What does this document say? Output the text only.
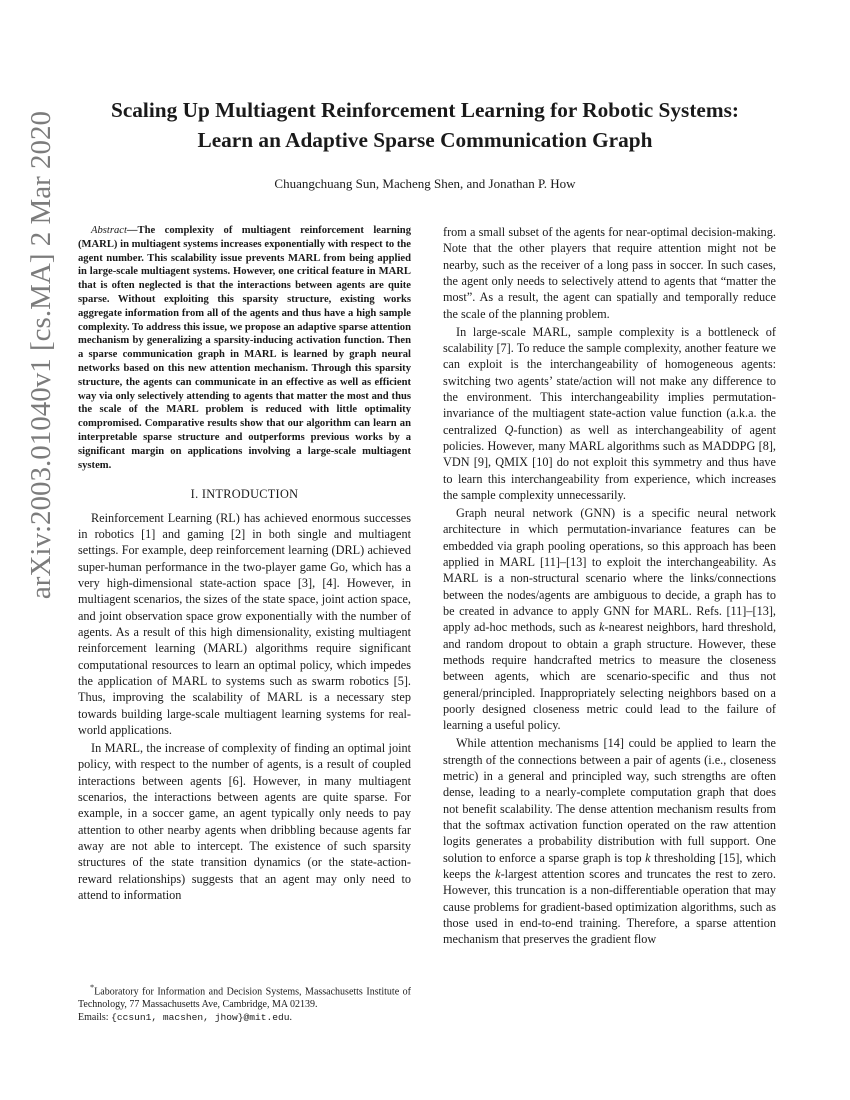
Scaling Up Multiagent Reinforcement Learning for Robotic Systems:
Learn an Adaptive Sparse Communication Graph
Chuangchuang Sun, Macheng Shen, and Jonathan P. How
arXiv:2003.01040v1 [cs.MA] 2 Mar 2020	Abstract—The complexity of multiagent reinforcement learning (MARL) in multiagent systems increases exponentially with respect to the agent number. This scalability issue prevents MARL from being applied in large-scale multiagent systems. However, one critical feature in MARL that is often neglected is that the interactions between agents are quite sparse. Without exploiting this sparsity structure, existing works aggregate information from all of the agents and thus have a high sample complexity. To address this issue, we propose an adaptive sparse attention mechanism by generalizing a sparsity-inducing activation function. Then a sparse communication graph in MARL is learned by graph neural networks based on this new attention mechanism. Through this sparsity structure, the agents can communicate in an effective as well as efficient way via only selectively attending to agents that matter the most and thus the scale of the MARL problem is reduced with little optimality compromised. Comparative results show that our algorithm can learn an interpretable sparse structure and outperforms previous works by a significant margin on applications involving a large-scale multiagent system.

I. INTRODUCTION

Reinforcement Learning (RL) has achieved enormous successes in robotics [1] and gaming [2] in both single and multiagent settings. For example, deep reinforcement learning (DRL) achieved super-human performance in the two-player game Go, which has a very high-dimensional state-action space [3], [4]. However, in multiagent scenarios, the sizes of the state space, joint action space, and joint observation space grow exponentially with the number of agents. As a result of this high dimensionality, existing multiagent reinforcement learning (MARL) algorithms require significant computational resources to learn an optimal policy, which impedes the application of MARL to systems such as swarm robotics [5]. Thus, improving the scalability of MARL is a necessary step towards building large-scale multiagent learning systems for real-world applications.

In MARL, the increase of complexity of finding an optimal joint policy, with respect to the number of agents, is a result of coupled interactions between agents [6]. However, in many multiagent scenarios, the interactions between agents are quite sparse. For example, in a soccer game, an agent typically only needs to pay attention to other nearby agents when dribbling because agents far away are not able to intercept. The existence of such sparsity structures of the state transition dynamics (or the state-action-reward relationships) suggests that an agent may only need to attend to information

from a small subset of the agents for near-optimal decision-making. Note that the other players that require attention might not be nearby, such as the receiver of a long pass in soccer. In such cases, the agent only needs to selectively attend to agents that “matter the most”. As a result, the agent can spatially and temporally reduce the scale of the planning problem.

In large-scale MARL, sample complexity is a bottleneck of scalability [7]. To reduce the sample complexity, another feature we can exploit is the interchangeability of homogeneous agents: switching two agents’ state/action will not make any difference to the environment. This interchangeability implies permutation-invariance of the multiagent state-action value function (a.k.a. the centralized Q-function) as well as interchangeability of agent policies. However, many MARL algorithms such as MADDPG [8], VDN [9], QMIX [10] do not exploit this symmetry and thus have to learn this interchangeability from experience, which increases the sample complexity unnecessarily.

Graph neural network (GNN) is a specific neural network architecture in which permutation-invariance features can be embedded via graph pooling operations, so this approach has been applied in MARL [11]–[13] to exploit the interchangeability. As MARL is a non-structural scenario where the links/connections between the nodes/agents are ambiguous to decide, a graph has to be created in advance to apply GNN for MARL. Refs. [11]–[13], apply ad-hoc methods, such as k-nearest neighbors, hard threshold, and random dropout to obtain a graph structure. However, these methods require handcrafted metrics to measure the closeness between agents, which are scenario-specific and thus not general/principled. Inappropriately selecting neighbors based on a poorly designed closeness metric could lead to the failure of learning a useful policy.

While attention mechanisms [14] could be applied to learn the strength of the connections between a pair of agents (i.e., closeness metric) in a general and principled way, such strengths are often dense, leading to a nearly-complete computation graph that does not benefit scalability. The dense attention mechanism results from that the softmax activation function operated on the raw attention logits generates a probability distribution with full support. One solution to enforce a sparse graph is top k thresholding [15], which keeps the k-largest attention scores and truncates the rest to zero. However, this truncation is a non-differentiable operation that may cause problems for gradient-based optimization algorithms, such as those used in end-to-end training. Therefore, a sparse attention mechanism that preserves the gradient flow

*Laboratory for Information and Decision Systems, Massachusetts Institute of Technology, 77 Massachusetts Ave, Cambridge, MA 02139.
Emails: {ccsun1, macshen, jhow}@mit.edu.
